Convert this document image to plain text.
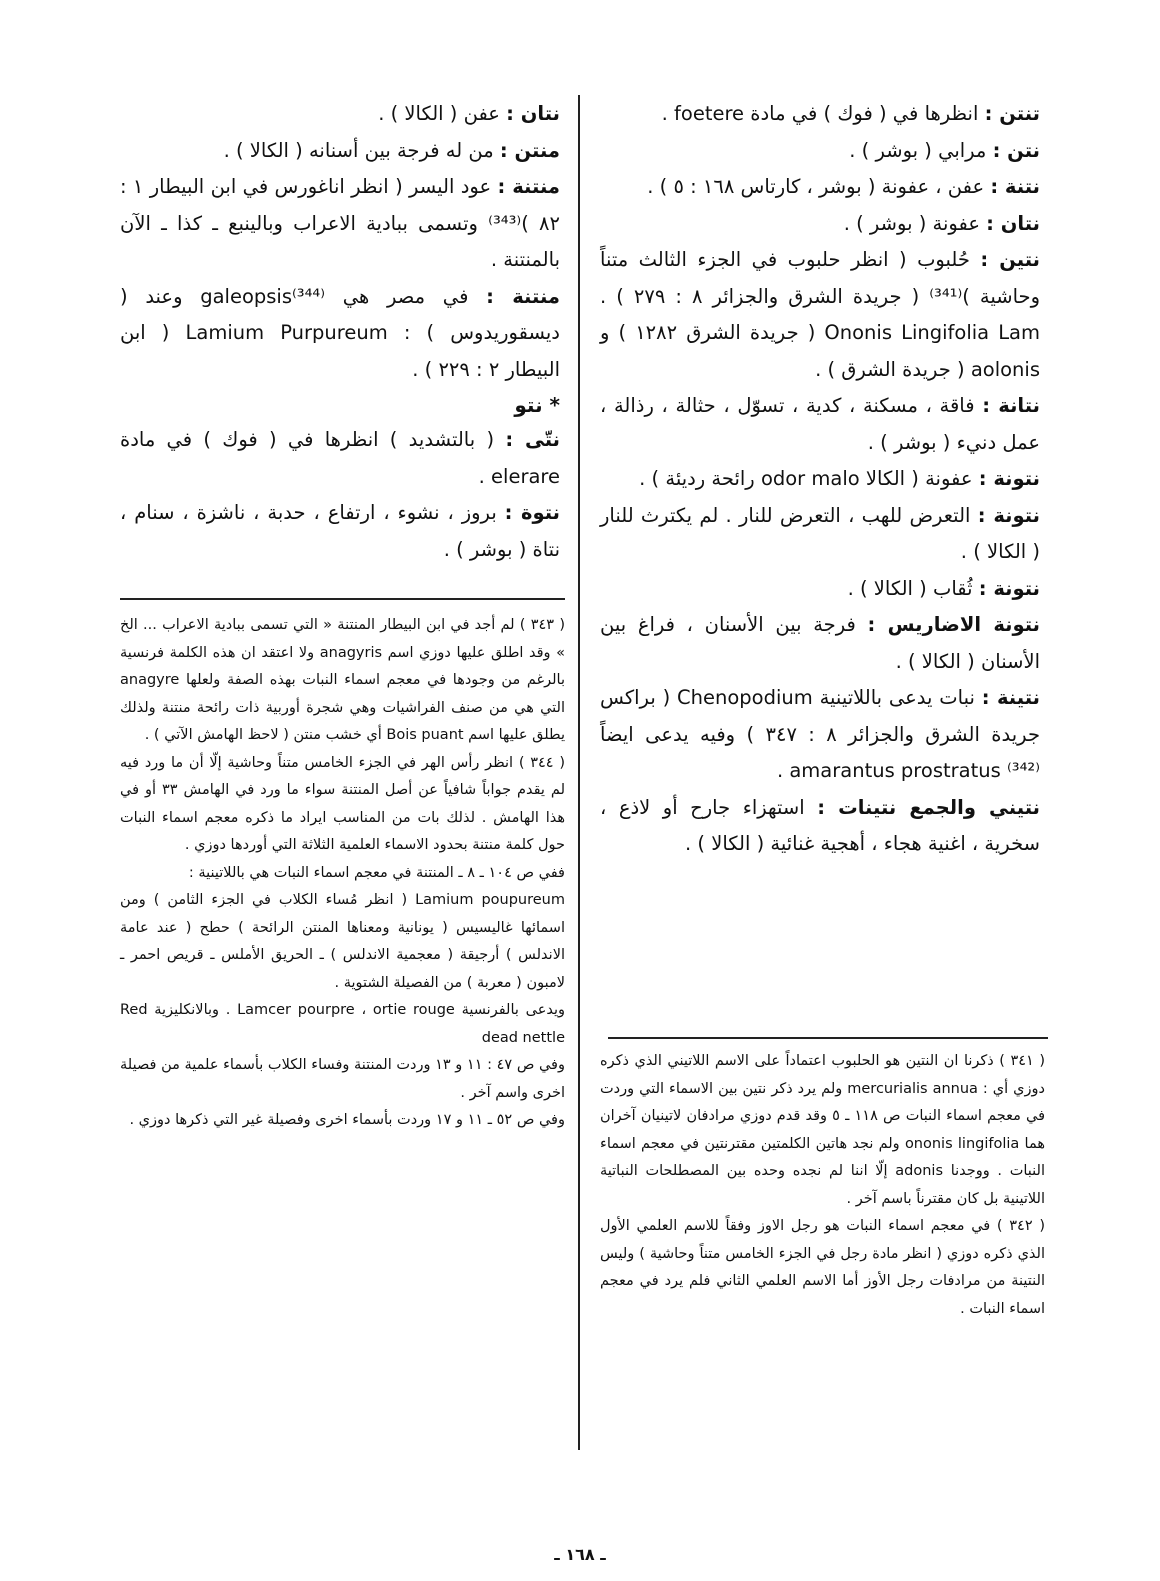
تنتن : انظرها في ( فوك ) في مادة foetere .

نتن : مرابي ( بوشر ) .

نتنة : عفن ، عفونة ( بوشر ، كارتاس ١٦٨ : ٥ ) .

نتان : عفونة ( بوشر ) .

نتين : حُلبوب ( انظر حلبوب في الجزء الثالث متناً وحاشية )⁽³⁴¹⁾ ( جريدة الشرق والجزائر ٨ : ٢٧٩ ) . Ononis Lingifolia Lam ( جريدة الشرق ١٢٨٢ ) و aolonis ( جريدة الشرق ) .

نتانة : فاقة ، مسكنة ، كدية ، تسوّل ، حثالة ، رذالة ، عمل دنيء ( بوشر ) .

نتونة : عفونة ( الكالا odor malo رائحة رديئة ) .

نتونة : التعرض للهب ، التعرض للنار . لم يكترث للنار ( الكالا ) .

نتونة : ثُقاب ( الكالا ) .

نتونة الاضاريس : فرجة بين الأسنان ، فراغ بين الأسنان ( الكالا ) .

نتينة : نبات يدعى باللاتينية Chenopodium ( براكس جريدة الشرق والجزائر ٨ : ٣٤٧ ) وفيه يدعى ايضاً amarantus prostratus ⁽³⁴²⁾ .

نتيني والجمع نتينات : استهزاء جارح أو لاذع ، سخرية ، اغنية هجاء ، أهجية غنائية ( الكالا ) .

نتان : عفن ( الكالا ) .

منتن : من له فرجة بين أسنانه ( الكالا ) .

منتنة : عود اليسر ( انظر اناغورس في ابن البيطار ١ : ٨٢ )⁽³⁴³⁾ وتسمى ببادية الاعراب وبالينبع ـ كذا ـ الآن بالمنتنة .

منتنة : في مصر هي galeopsis⁽³⁴⁴⁾ وعند ( ديسقوريدوس ) : Lamium Purpureum ( ابن البيطار ٢ : ٢٢٩ ) .

* نتو

نتّى : ( بالتشديد ) انظرها في ( فوك ) في مادة elerare .

نتوة : بروز ، نشوء ، ارتفاع ، حدبة ، ناشزة ، سنام ، نتاة ( بوشر ) .

( ٣٤٣ ) لم أجد في ابن البيطار المنتنة « التي تسمى ببادية الاعراب ... الخ » وقد اطلق عليها دوزي اسم anagyris ولا اعتقد ان هذه الكلمة فرنسية بالرغم من وجودها في معجم اسماء النبات بهذه الصفة ولعلها anagyre التي هي من صنف الفراشيات وهي شجرة أوربية ذات رائحة منتنة ولذلك يطلق عليها اسم Bois puant أي خشب منتن ( لاحظ الهامش الآتي ) .

( ٣٤٤ ) انظر رأس الهر في الجزء الخامس متناً وحاشية إلّا أن ما ورد فيه لم يقدم جواباً شافياً عن أصل المنتنة سواء ما ورد في الهامش ٣٣ أو في هذا الهامش . لذلك بات من المناسب ايراد ما ذكره معجم اسماء النبات حول كلمة منتنة بحدود الاسماء العلمية الثلاثة التي أوردها دوزي .

ففي ص ١٠٤ ـ ٨ ـ المنتنة في معجم اسماء النبات هي باللاتينية :

Lamium poupureum ( انظر مُساء الكلاب في الجزء الثامن ) ومن اسمائها غاليسيس ( يونانية ومعناها المنتن الرائحة ) حطح ( عند عامة الاندلس ) أرجيقة ( معجمية الاندلس ) ـ الحريق الأملس ـ قريص احمر ـ لامبون ( معربة ) من الفصيلة الشتوية .

ويدعى بالفرنسية Lamcer pourpre ، ortie rouge . وبالانكليزية Red dead nettle

وفي ص ٤٧ : ١١ و ١٣ وردت المنتنة وفساء الكلاب بأسماء علمية من فصيلة اخرى واسم آخر .

وفي ص ٥٢ ـ ١١ و ١٧ وردت بأسماء اخرى وفصيلة غير التي ذكرها دوزي .

( ٣٤١ ) ذكرنا ان النتين هو الحلبوب اعتماداً على الاسم اللاتيني الذي ذكره دوزي أي : mercurialis annua ولم يرد ذكر نتين بين الاسماء التي وردت في معجم اسماء النبات ص ١١٨ ـ ٥ وقد قدم دوزي مرادفان لاتينيان آخران هما ononis lingifolia ولم نجد هاتين الكلمتين مقترنتين في معجم اسماء النبات . ووجدنا adonis إلّا اننا لم نجده وحده بين المصطلحات النباتية اللاتينية بل كان مقترناً باسم آخر .

( ٣٤٢ ) في معجم اسماء النبات هو رجل الاوز وفقاً للاسم العلمي الأول الذي ذكره دوزي ( انظر مادة رجل في الجزء الخامس متناً وحاشية ) وليس النتينة من مرادفات رجل الأوز أما الاسم العلمي الثاني فلم يرد في معجم اسماء النبات .

ـ ١٦٨ ـ
